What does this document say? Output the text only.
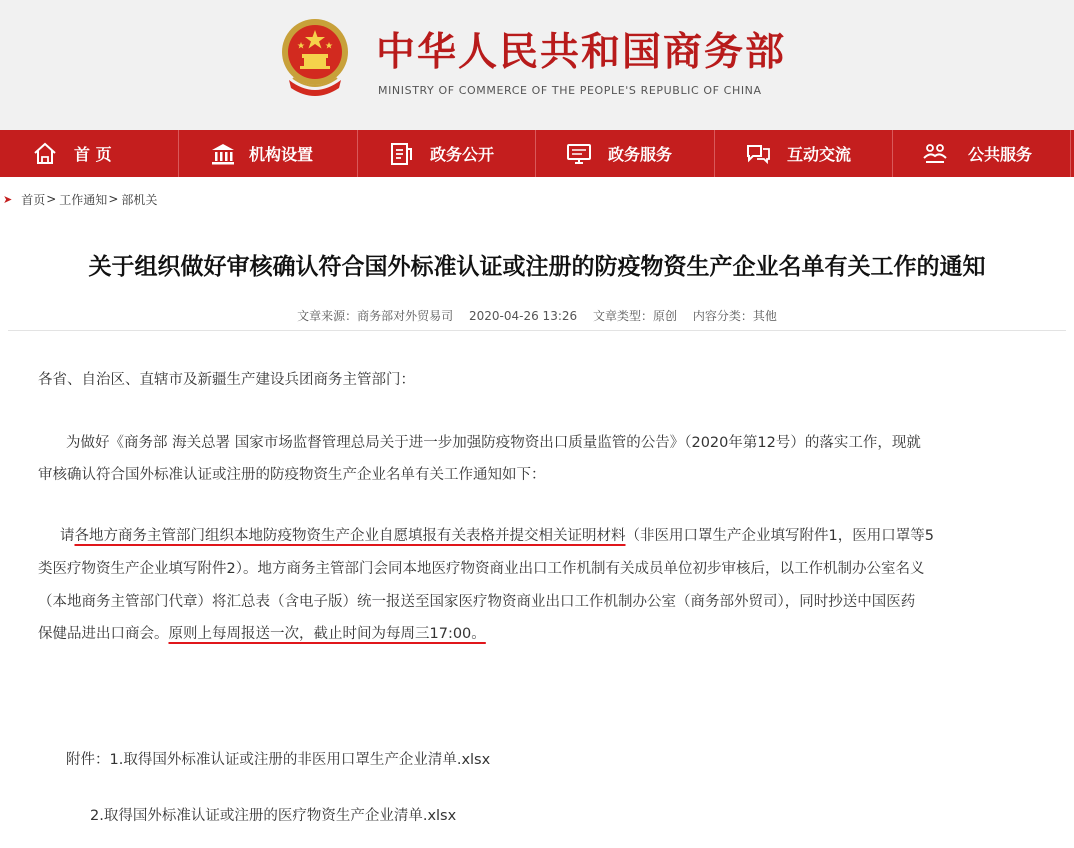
中华人民共和国商务部
MINISTRY OF COMMERCE OF THE PEOPLE'S REPUBLIC OF CHINA
首 页	机构设置	政务公开	政务服务	互动交流	公共服务
➤ 首页 > 工作通知 > 部机关
关于组织做好审核确认符合国外标准认证或注册的防疫物资生产企业名单有关工作的通知
文章来源：商务部对外贸易司 2020-04-26 13:26 文章类型：原创 内容分类：其他

各省、自治区、直辖市及新疆生产建设兵团商务主管部门：

为做好《商务部 海关总署 国家市场监督管理总局关于进一步加强防疫物资出口质量监管的公告》（2020年第12号）的落实工作，现就

审核确认符合国外标准认证或注册的防疫物资生产企业名单有关工作通知如下：

请各地方商务主管部门组织本地防疫物资生产企业自愿填报有关表格并提交相关证明材料（非医用口罩生产企业填写附件1，医用口罩等5

类医疗物资生产企业填写附件2）。地方商务主管部门会同本地医疗物资商业出口工作机制有关成员单位初步审核后，以工作机制办公室名义

（本地商务主管部门代章）将汇总表（含电子版）统一报送至国家医疗物资商业出口工作机制办公室（商务部外贸司），同时抄送中国医药

保健品进出口商会。原则上每周报送一次，截止时间为每周三17:00。

附件：1.取得国外标准认证或注册的非医用口罩生产企业清单.xlsx

2.取得国外标准认证或注册的医疗物资生产企业清单.xlsx
